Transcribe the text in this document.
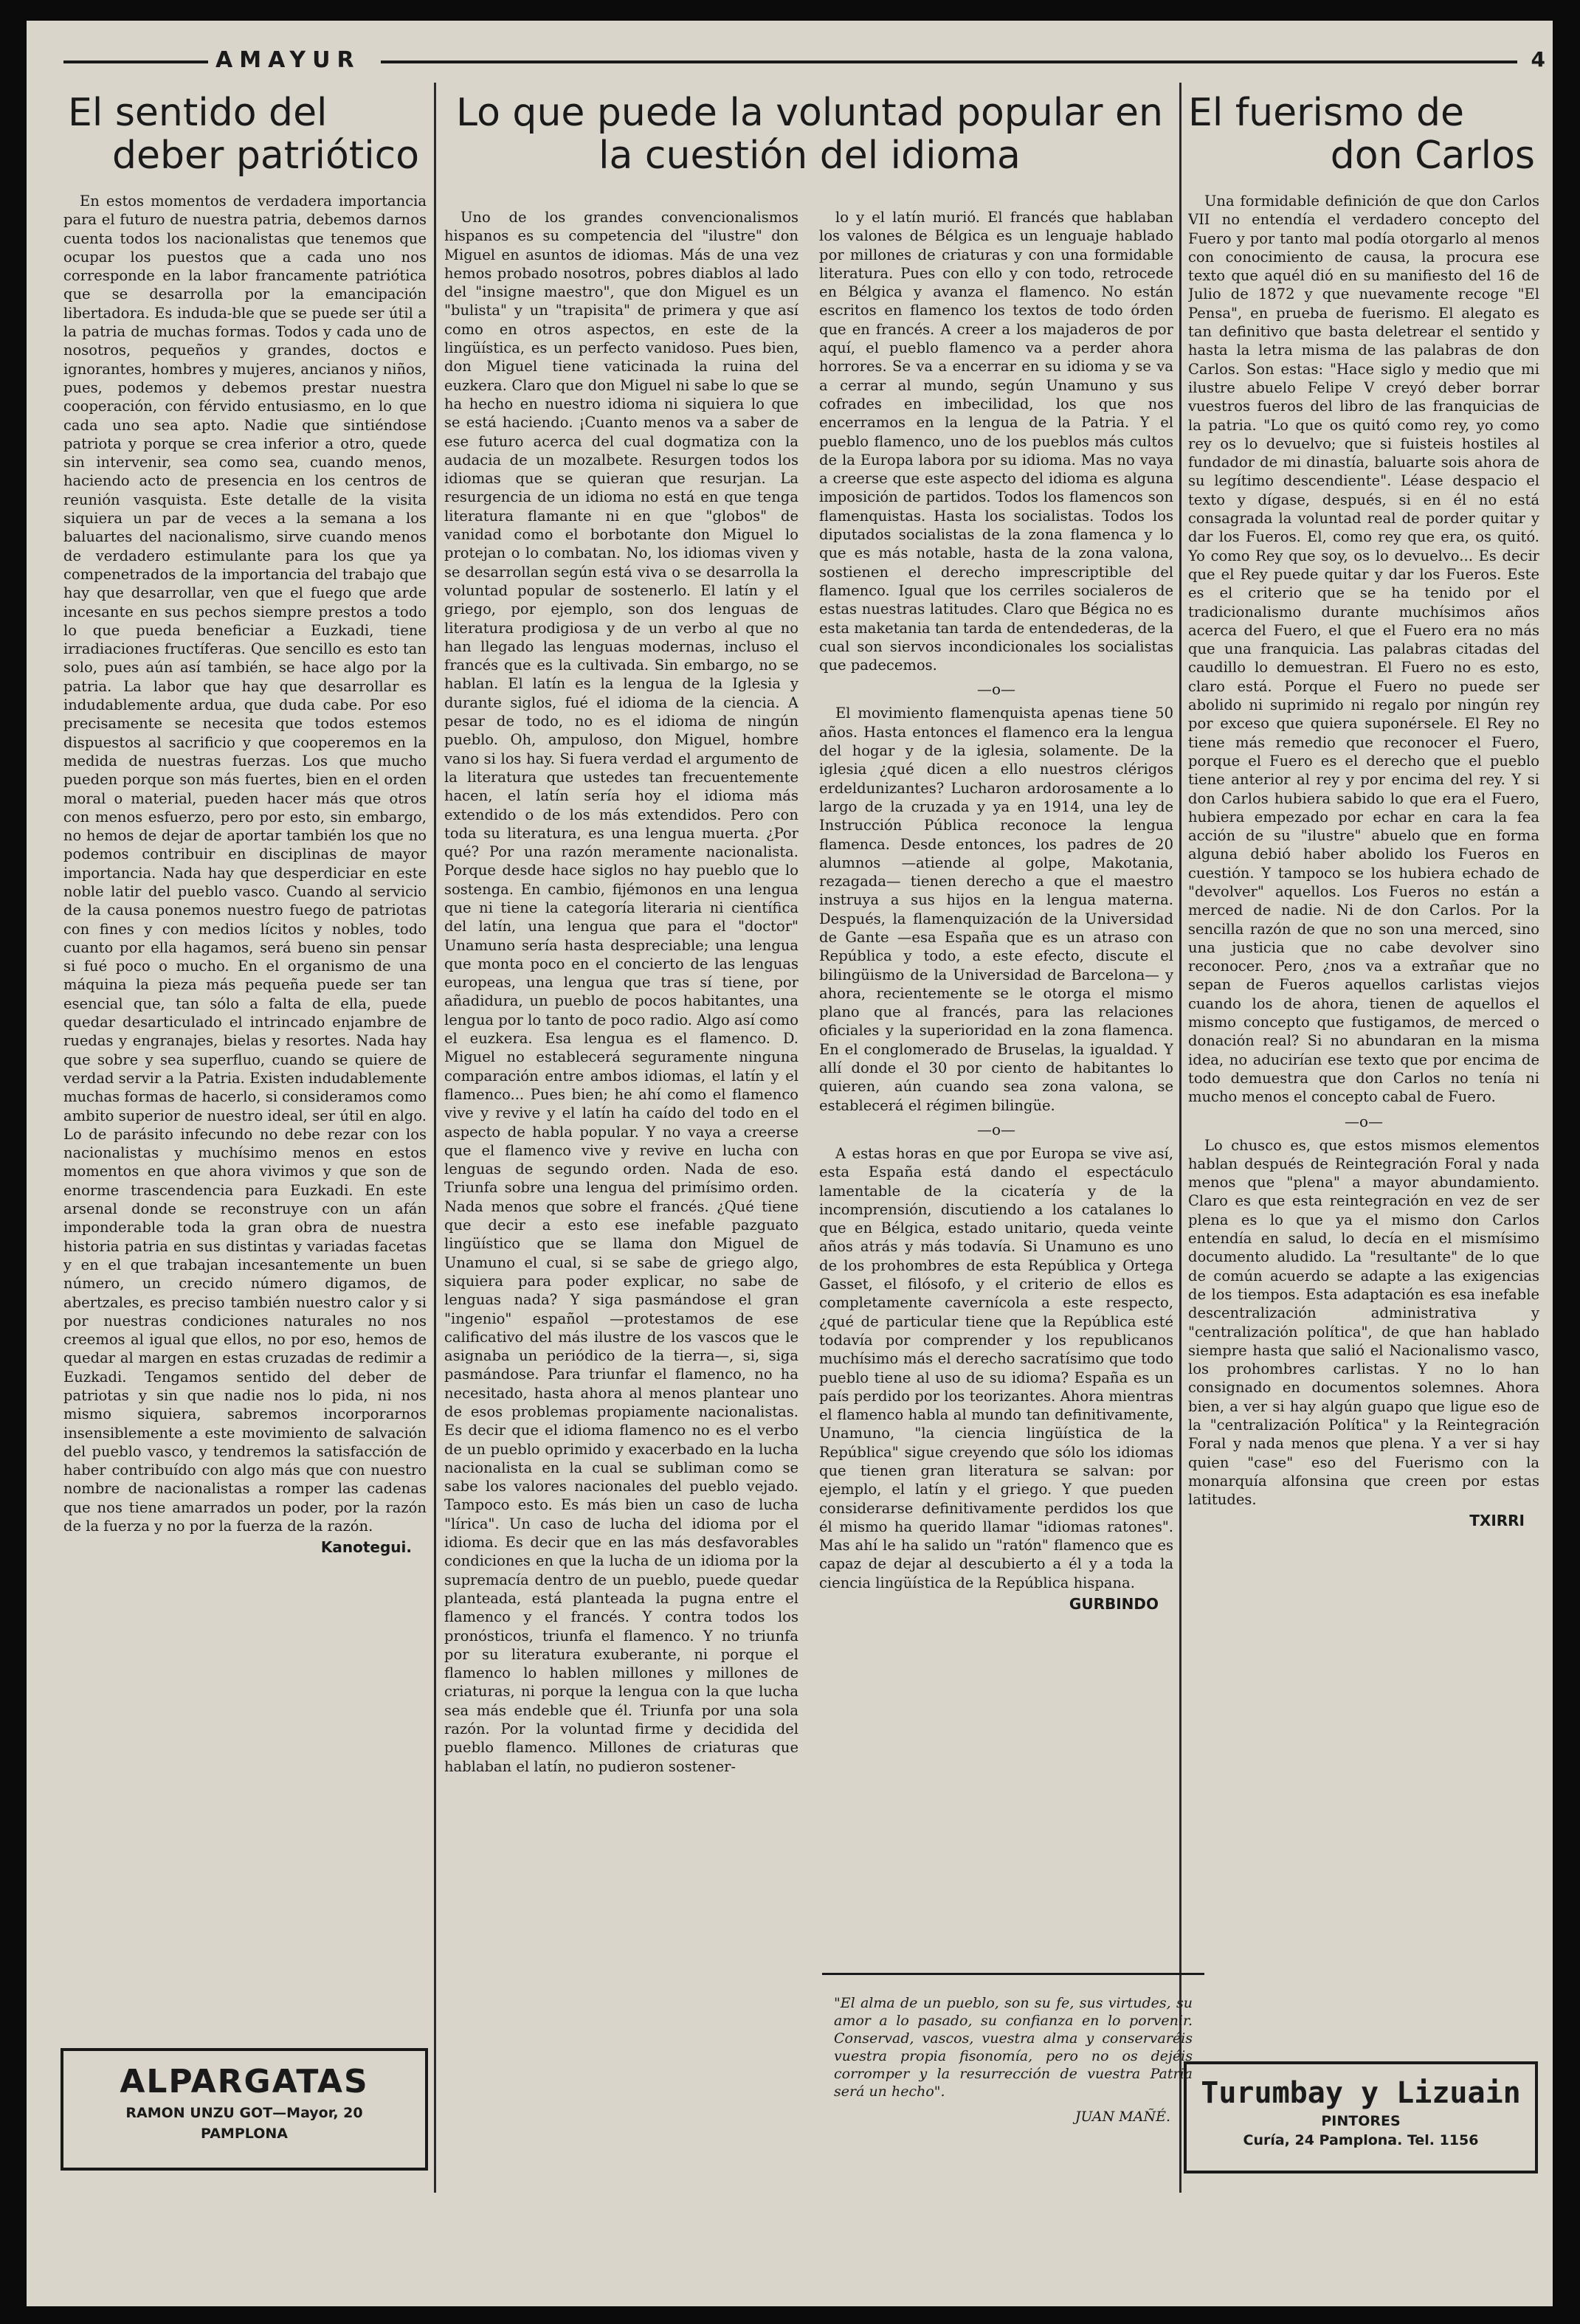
AMAYUR	4
El sentido del
deber patriótico

En estos momentos de verdadera importancia para el futuro de nuestra patria, debemos darnos cuenta todos los nacionalistas que tenemos que ocupar los puestos que a cada uno nos corresponde en la labor francamente patriótica que se desarrolla por la emancipación libertadora. Es induda-ble que se puede ser útil a la patria de muchas formas. Todos y cada uno de nosotros, pequeños y grandes, doctos e ignorantes, hombres y mujeres, ancianos y niños, pues, podemos y debemos prestar nuestra cooperación, con férvido entusiasmo, en lo que cada uno sea apto. Nadie que sintiéndose patriota y porque se crea inferior a otro, quede sin intervenir, sea como sea, cuando menos, haciendo acto de presencia en los centros de reunión vasquista. Este detalle de la visita siquiera un par de veces a la semana a los baluartes del nacionalismo, sirve cuando menos de verdadero estimulante para los que ya compenetrados de la importancia del trabajo que hay que desarrollar, ven que el fuego que arde incesante en sus pechos siempre prestos a todo lo que pueda beneficiar a Euzkadi, tiene irradiaciones fructíferas. Que sencillo es esto tan solo, pues aún así también, se hace algo por la patria. La labor que hay que desarrollar es indudablemente ardua, que duda cabe. Por eso precisamente se necesita que todos estemos dispuestos al sacrificio y que cooperemos en la medida de nuestras fuerzas. Los que mucho pueden porque son más fuertes, bien en el orden moral o material, pueden hacer más que otros con menos esfuerzo, pero por esto, sin embargo, no hemos de dejar de aportar también los que no podemos contribuir en disciplinas de mayor importancia. Nada hay que desperdiciar en este noble latir del pueblo vasco. Cuando al servicio de la causa ponemos nuestro fuego de patriotas con fines y con medios lícitos y nobles, todo cuanto por ella hagamos, será bueno sin pensar si fué poco o mucho. En el organismo de una máquina la pieza más pequeña puede ser tan esencial que, tan sólo a falta de ella, puede quedar desarticulado el intrincado enjambre de ruedas y engranajes, bielas y resortes. Nada hay que sobre y sea superfluo, cuando se quiere de verdad servir a la Patria. Existen indudablemente muchas formas de hacerlo, si consideramos como ambito superior de nuestro ideal, ser útil en algo. Lo de parásito infecundo no debe rezar con los nacionalistas y muchísimo menos en estos momentos en que ahora vivimos y que son de enorme trascendencia para Euzkadi. En este arsenal donde se reconstruye con un afán imponderable toda la gran obra de nuestra historia patria en sus distintas y variadas facetas y en el que trabajan incesantemente un buen número, un crecido número digamos, de abertzales, es preciso también nuestro calor y si por nuestras condiciones naturales no nos creemos al igual que ellos, no por eso, hemos de quedar al margen en estas cruzadas de redimir a Euzkadi. Tengamos sentido del deber de patriotas y sin que nadie nos lo pida, ni nos mismo siquiera, sabremos incorporarnos insensiblemente a este movimiento de salvación del pueblo vasco, y tendremos la satisfacción de haber contribuído con algo más que con nuestro nombre de nacionalistas a romper las cadenas que nos tiene amarrados un poder, por la razón de la fuerza y no por la fuerza de la razón.

Kanotegui.
Lo que puede la voluntad popular en
la cuestión del idioma

Uno de los grandes convencionalismos hispanos es su competencia del "ilustre" don Miguel en asuntos de idiomas. Más de una vez hemos probado nosotros, pobres diablos al lado del "insigne maestro", que don Miguel es un "bulista" y un "trapisita" de primera y que así como en otros aspectos, en este de la lingüística, es un perfecto vanidoso. Pues bien, don Miguel tiene vaticinada la ruina del euzkera. Claro que don Miguel ni sabe lo que se ha hecho en nuestro idioma ni siquiera lo que se está haciendo. ¡Cuanto menos va a saber de ese futuro acerca del cual dogmatiza con la audacia de un mozalbete. Resurgen todos los idiomas que se quieran que resurjan. La resurgencia de un idioma no está en que tenga literatura flamante ni en que "globos" de vanidad como el borbotante don Miguel lo protejan o lo combatan. No, los idiomas viven y se desarrollan según está viva o se desarrolla la voluntad popular de sostenerlo. El latín y el griego, por ejemplo, son dos lenguas de literatura prodigiosa y de un verbo al que no han llegado las lenguas modernas, incluso el francés que es la cultivada. Sin embargo, no se hablan. El latín es la lengua de la Iglesia y durante siglos, fué el idioma de la ciencia. A pesar de todo, no es el idioma de ningún pueblo. Oh, ampuloso, don Miguel, hombre vano si los hay. Si fuera verdad el argumento de la literatura que ustedes tan frecuentemente hacen, el latín sería hoy el idioma más extendido o de los más extendidos. Pero con toda su literatura, es una lengua muerta. ¿Por qué? Por una razón meramente nacionalista. Porque desde hace siglos no hay pueblo que lo sostenga. En cambio, fijémonos en una lengua que ni tiene la categoría literaria ni científica del latín, una lengua que para el "doctor" Unamuno sería hasta despreciable; una lengua que monta poco en el concierto de las lenguas europeas, una lengua que tras sí tiene, por añadidura, un pueblo de pocos habitantes, una lengua por lo tanto de poco radio. Algo así como el euzkera. Esa lengua es el flamenco. D. Miguel no establecerá seguramente ninguna comparación entre ambos idiomas, el latín y el flamenco... Pues bien; he ahí como el flamenco vive y revive y el latín ha caído del todo en el aspecto de habla popular. Y no vaya a creerse que el flamenco vive y revive en lucha con lenguas de segundo orden. Nada de eso. Triunfa sobre una lengua del primísimo orden. Nada menos que sobre el francés. ¿Qué tiene que decir a esto ese inefable pazguato lingüístico que se llama don Miguel de Unamuno el cual, si se sabe de griego algo, siquiera para poder explicar, no sabe de lenguas nada? Y siga pasmándose el gran "ingenio" español —protestamos de ese calificativo del más ilustre de los vascos que le asignaba un periódico de la tierra—, si, siga pasmándose. Para triunfar el flamenco, no ha necesitado, hasta ahora al menos plantear uno de esos problemas propiamente nacionalistas. Es decir que el idioma flamenco no es el verbo de un pueblo oprimido y exacerbado en la lucha nacionalista en la cual se subliman como se sabe los valores nacionales del pueblo vejado. Tampoco esto. Es más bien un caso de lucha "lírica". Un caso de lucha del idioma por el idioma. Es decir que en las más desfavorables condiciones en que la lucha de un idioma por la supremacía dentro de un pueblo, puede quedar planteada, está planteada la pugna entre el flamenco y el francés. Y contra todos los pronósticos, triunfa el flamenco. Y no triunfa por su literatura exuberante, ni porque el flamenco lo hablen millones y millones de criaturas, ni porque la lengua con la que lucha sea más endeble que él. Triunfa por una sola razón. Por la voluntad firme y decidida del pueblo flamenco. Millones de criaturas que hablaban el latín, no pudieron sostener-

lo y el latín murió. El francés que hablaban los valones de Bélgica es un lenguaje hablado por millones de criaturas y con una formidable literatura. Pues con ello y con todo, retrocede en Bélgica y avanza el flamenco. No están escritos en flamenco los textos de todo órden que en francés. A creer a los majaderos de por aquí, el pueblo flamenco va a perder ahora horrores. Se va a encerrar en su idioma y se va a cerrar al mundo, según Unamuno y sus cofrades en imbecilidad, los que nos encerramos en la lengua de la Patria. Y el pueblo flamenco, uno de los pueblos más cultos de la Europa labora por su idioma. Mas no vaya a creerse que este aspecto del idioma es alguna imposición de partidos. Todos los flamencos son flamenquistas. Hasta los socialistas. Todos los diputados socialistas de la zona flamenca y lo que es más notable, hasta de la zona valona, sostienen el derecho imprescriptible del flamenco. Igual que los cerriles socialeros de estas nuestras latitudes. Claro que Bégica no es esta maketania tan tarda de entendederas, de la cual son siervos incondicionales los socialistas que padecemos.

—o—

El movimiento flamenquista apenas tiene 50 años. Hasta entonces el flamenco era la lengua del hogar y de la iglesia, solamente. De la iglesia ¿qué dicen a ello nuestros clérigos erdeldunizantes? Lucharon ardorosamente a lo largo de la cruzada y ya en 1914, una ley de Instrucción Pública reconoce la lengua flamenca. Desde entonces, los padres de 20 alumnos —atiende al golpe, Makotania, rezagada— tienen derecho a que el maestro instruya a sus hijos en la lengua materna. Después, la flamenquización de la Universidad de Gante —esa España que es un atraso con República y todo, a este efecto, discute el bilingüismo de la Universidad de Barcelona— y ahora, recientemente se le otorga el mismo plano que al francés, para las relaciones oficiales y la superioridad en la zona flamenca. En el conglomerado de Bruselas, la igualdad. Y allí donde el 30 por ciento de habitantes lo quieren, aún cuando sea zona valona, se establecerá el régimen bilingüe.

—o—

A estas horas en que por Europa se vive así, esta España está dando el espectáculo lamentable de la cicatería y de la incomprensión, discutiendo a los catalanes lo que en Bélgica, estado unitario, queda veinte años atrás y más todavía. Si Unamuno es uno de los prohombres de esta República y Ortega Gasset, el filósofo, y el criterio de ellos es completamente cavernícola a este respecto, ¿qué de particular tiene que la República esté todavía por comprender y los republicanos muchísimo más el derecho sacratísimo que todo pueblo tiene al uso de su idioma? España es un país perdido por los teorizantes. Ahora mientras el flamenco habla al mundo tan definitivamente, Unamuno, "la ciencia lingüística de la República" sigue creyendo que sólo los idiomas que tienen gran literatura se salvan: por ejemplo, el latín y el griego. Y que pueden considerarse definitivamente perdidos los que él mismo ha querido llamar "idiomas ratones". Mas ahí le ha salido un "ratón" flamenco que es capaz de dejar al descubierto a él y a toda la ciencia lingüística de la República hispana.

GURBINDO
"El alma de un pueblo, son su fe, sus virtudes, su amor a lo pasado, su confianza en lo porvenir. Conservad, vascos, vuestra alma y conservaréis vuestra propia fisonomía, pero no os dejéis corromper y la resurrección de vuestra Patria será un hecho".
JUAN MAÑÉ.
El fuerismo de
don Carlos

Una formidable definición de que don Carlos VII no entendía el verdadero concepto del Fuero y por tanto mal podía otorgarlo al menos con conocimiento de causa, la procura ese texto que aquél dió en su manifiesto del 16 de Julio de 1872 y que nuevamente recoge "El Pensa", en prueba de fuerismo. El alegato es tan definitivo que basta deletrear el sentido y hasta la letra misma de las palabras de don Carlos. Son estas: "Hace siglo y medio que mi ilustre abuelo Felipe V creyó deber borrar vuestros fueros del libro de las franquicias de la patria. "Lo que os quitó como rey, yo como rey os lo devuelvo; que si fuisteis hostiles al fundador de mi dinastía, baluarte sois ahora de su legítimo descendiente". Léase despacio el texto y dígase, después, si en él no está consagrada la voluntad real de porder quitar y dar los Fueros. El, como rey que era, os quitó. Yo como Rey que soy, os lo devuelvo... Es decir que el Rey puede quitar y dar los Fueros. Este es el criterio que se ha tenido por el tradicionalismo durante muchísimos años acerca del Fuero, el que el Fuero era no más que una franquicia. Las palabras citadas del caudillo lo demuestran. El Fuero no es esto, claro está. Porque el Fuero no puede ser abolido ni suprimido ni regalo por ningún rey por exceso que quiera suponérsele. El Rey no tiene más remedio que reconocer el Fuero, porque el Fuero es el derecho que el pueblo tiene anterior al rey y por encima del rey. Y si don Carlos hubiera sabido lo que era el Fuero, hubiera empezado por echar en cara la fea acción de su "ilustre" abuelo que en forma alguna debió haber abolido los Fueros en cuestión. Y tampoco se los hubiera echado de "devolver" aquellos. Los Fueros no están a merced de nadie. Ni de don Carlos. Por la sencilla razón de que no son una merced, sino una justicia que no cabe devolver sino reconocer. Pero, ¿nos va a extrañar que no sepan de Fueros aquellos carlistas viejos cuando los de ahora, tienen de aquellos el mismo concepto que fustigamos, de merced o donación real? Si no abundaran en la misma idea, no aducirían ese texto que por encima de todo demuestra que don Carlos no tenía ni mucho menos el concepto cabal de Fuero.

—o—

Lo chusco es, que estos mismos elementos hablan después de Reintegración Foral y nada menos que "plena" a mayor abundamiento. Claro es que esta reintegración en vez de ser plena es lo que ya el mismo don Carlos entendía en salud, lo decía en el mismísimo documento aludido. La "resultante" de lo que de común acuerdo se adapte a las exigencias de los tiempos. Esta adaptación es esa inefable descentralización administrativa y "centralización política", de que han hablado siempre hasta que salió el Nacionalismo vasco, los prohombres carlistas. Y no lo han consignado en documentos solemnes. Ahora bien, a ver si hay algún guapo que ligue eso de la "centralización Política" y la Reintegración Foral y nada menos que plena. Y a ver si hay quien "case" eso del Fuerismo con la monarquía alfonsina que creen por estas latitudes.

TXIRRI
ALPARGATAS
RAMON UNZU GOT—Mayor, 20
PAMPLONA
Turumbay y Lizuain
PINTORES
Curía, 24 Pamplona. Tel. 1156
